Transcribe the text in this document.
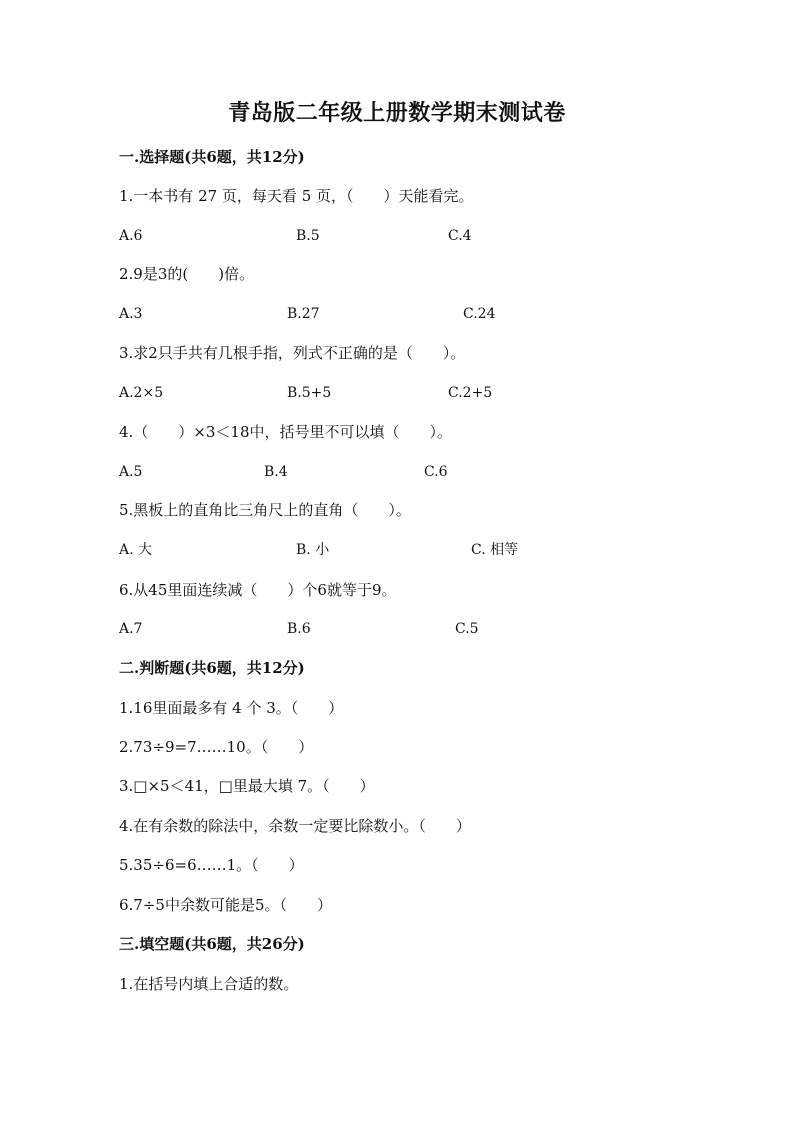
青岛版二年级上册数学期末测试卷
一.选择题(共6题，共12分)
1.一本书有 27 页，每天看 5 页，（　　）天能看完。
A.6	B.5	C.4
2.9是3的(　　)倍。
A.3	B.27	C.24
3.求2只手共有几根手指，列式不正确的是（　　）。
A.2×5	B.5+5	C.2+5
4.（　　）×3＜18中，括号里不可以填（　　）。
A.5	B.4	C.6
5.黑板上的直角比三角尺上的直角（　　）。
A. 大	B. 小	C. 相等
6.从45里面连续减（　　）个6就等于9。
A.7	B.6	C.5
二.判断题(共6题，共12分)
1.16里面最多有 4 个 3。（　　）
2.73÷9=7……10。（　　）
3.□×5＜41，□里最大填 7。（　　）
4.在有余数的除法中，余数一定要比除数小。（　　）
5.35÷6=6……1。（　　）
6.7÷5中余数可能是5。（　　）
三.填空题(共6题，共26分)
1.在括号内填上合适的数。
